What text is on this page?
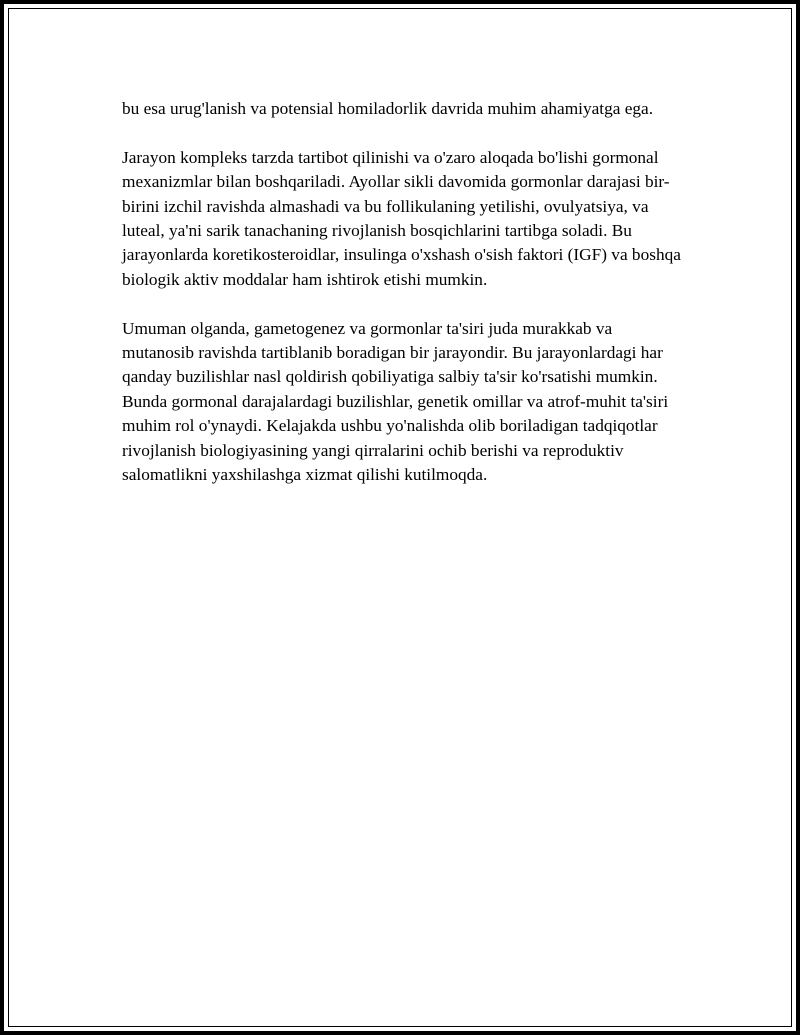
bu esa urug'lanish va potensial homiladorlik davrida muhim ahamiyatga ega.

Jarayon kompleks tarzda tartibot qilinishi va o'zaro aloqada bo'lishi gormonal mexanizmlar bilan boshqariladi. Ayollar sikli davomida gormonlar darajasi bir-birini izchil ravishda almashadi va bu follikulaning yetilishi, ovulyatsiya, va luteal, ya'ni sarik tanachaning rivojlanish bosqichlarini tartibga soladi. Bu jarayonlarda koretikosteroidlar, insulinga o'xshash o'sish faktori (IGF) va boshqa biologik aktiv moddalar ham ishtirok etishi mumkin.

Umuman olganda, gametogenez va gormonlar ta'siri juda murakkab va mutanosib ravishda tartiblanib boradigan bir jarayondir. Bu jarayonlardagi har qanday buzilishlar nasl qoldirish qobiliyatiga salbiy ta'sir ko'rsatishi mumkin. Bunda gormonal darajalardagi buzilishlar, genetik omillar va atrof-muhit ta'siri muhim rol o'ynaydi. Kelajakda ushbu yo'nalishda olib boriladigan tadqiqotlar rivojlanish biologiyasining yangi qirralarini ochib berishi va reproduktiv salomatlikni yaxshilashga xizmat qilishi kutilmoqda.
